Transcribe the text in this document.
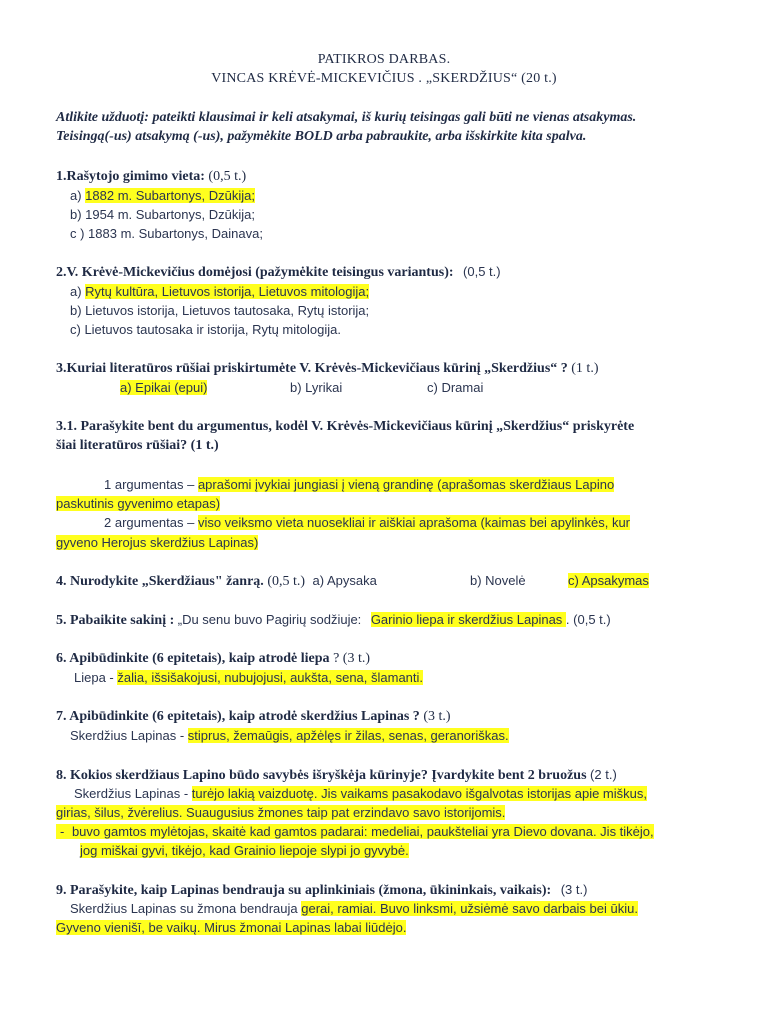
PATIKROS DARBAS.
VINCAS KRĖVĖ-MICKEVIČIUS . „SKERDŽIUS“ (20 t.)
Atlikite užduotį: pateikti klausimai ir keli atsakymai, iš kurių teisingas gali būti ne vienas atsakymas.
Teisingą(-us) atsakymą (-us), pažymėkite BOLD arba pabraukite, arba išskirkite kita spalva.
1.Rašytojo gimimo vieta: (0,5 t.)
a) 1882 m. Subartonys, Dzūkija;
b) 1954 m. Subartonys, Dzūkija;
c ) 1883 m. Subartonys, Dainava;
2.V. Krėvė-Mickevičius domėjosi (pažymėkite teisingus variantus): (0,5 t.)
a) Rytų kultūra, Lietuvos istorija, Lietuvos mitologija;
b) Lietuvos istorija, Lietuvos tautosaka, Rytų istorija;
c) Lietuvos tautosaka ir istorija, Rytų mitologija.
3.Kuriai literatūros rūšiai priskirtumėte V. Krėvės-Mickevičiaus kūrinį „Skerdžius“ ? (1 t.)
a) Epikai (epui)	b) Lyrikai	c) Dramai
3.1. Parašykite bent du argumentus, kodėl V. Krėvės-Mickevičiaus kūrinį „Skerdžius“ priskyrėte
šiai literatūros rūšiai? (1 t.)
1 argumentas – aprašomi įvykiai jungiasi į vieną grandinę (aprašomas skerdžiaus Lapino
paskutinis gyvenimo etapas)
2 argumentas – viso veiksmo vieta nuosekliai ir aiškiai aprašoma (kaimas bei apylinkės, kur
gyveno Herojus skerdžius Lapinas)
4. Nurodykite „Skerdžiaus" žanrą. (0,5 t.) a) Apysaka	b) Novelė	c) Apsakymas
5. Pabaikite sakinį : „Du senu buvo Pagirių sodžiuje: Garinio liepa ir skerdžius Lapinas . (0,5 t.)
6. Apibūdinkite (6 epitetais), kaip atrodė liepa ? (3 t.)
Liepa - žalia, išsišakojusi, nubujojusi, aukšta, sena, šlamanti.
7. Apibūdinkite (6 epitetais), kaip atrodė skerdžius Lapinas ? (3 t.)
Skerdžius Lapinas - stiprus, žemaūgis, apžėlęs ir žilas, senas, geranoriškas.
8. Kokios skerdžiaus Lapino būdo savybės išryškėja kūrinyje? Įvardykite bent 2 bruožus (2 t.)
Skerdžius Lapinas - turėjo lakią vaizduotę. Jis vaikams pasakodavo išgalvotas istorijas apie miškus,
girias, šilus, žvėrelius. Suaugusius žmones taip pat erzindavo savo istorijomis.
- buvo gamtos mylėtojas, skaitė kad gamtos padarai: medeliai, paukšteliai yra Dievo dovana. Jis tikėjo,
jog miškai gyvi, tikėjo, kad Grainio liepoje slypi jo gyvybė.
9. Parašykite, kaip Lapinas bendrauja su aplinkiniais (žmona, ūkininkais, vaikais): (3 t.)
Skerdžius Lapinas su žmona bendrauja gerai, ramiai. Buvo linksmi, užsiėmė savo darbais bei ūkiu.
Gyveno vienišī, be vaikų. Mirus žmonai Lapinas labai liūdėjo.
